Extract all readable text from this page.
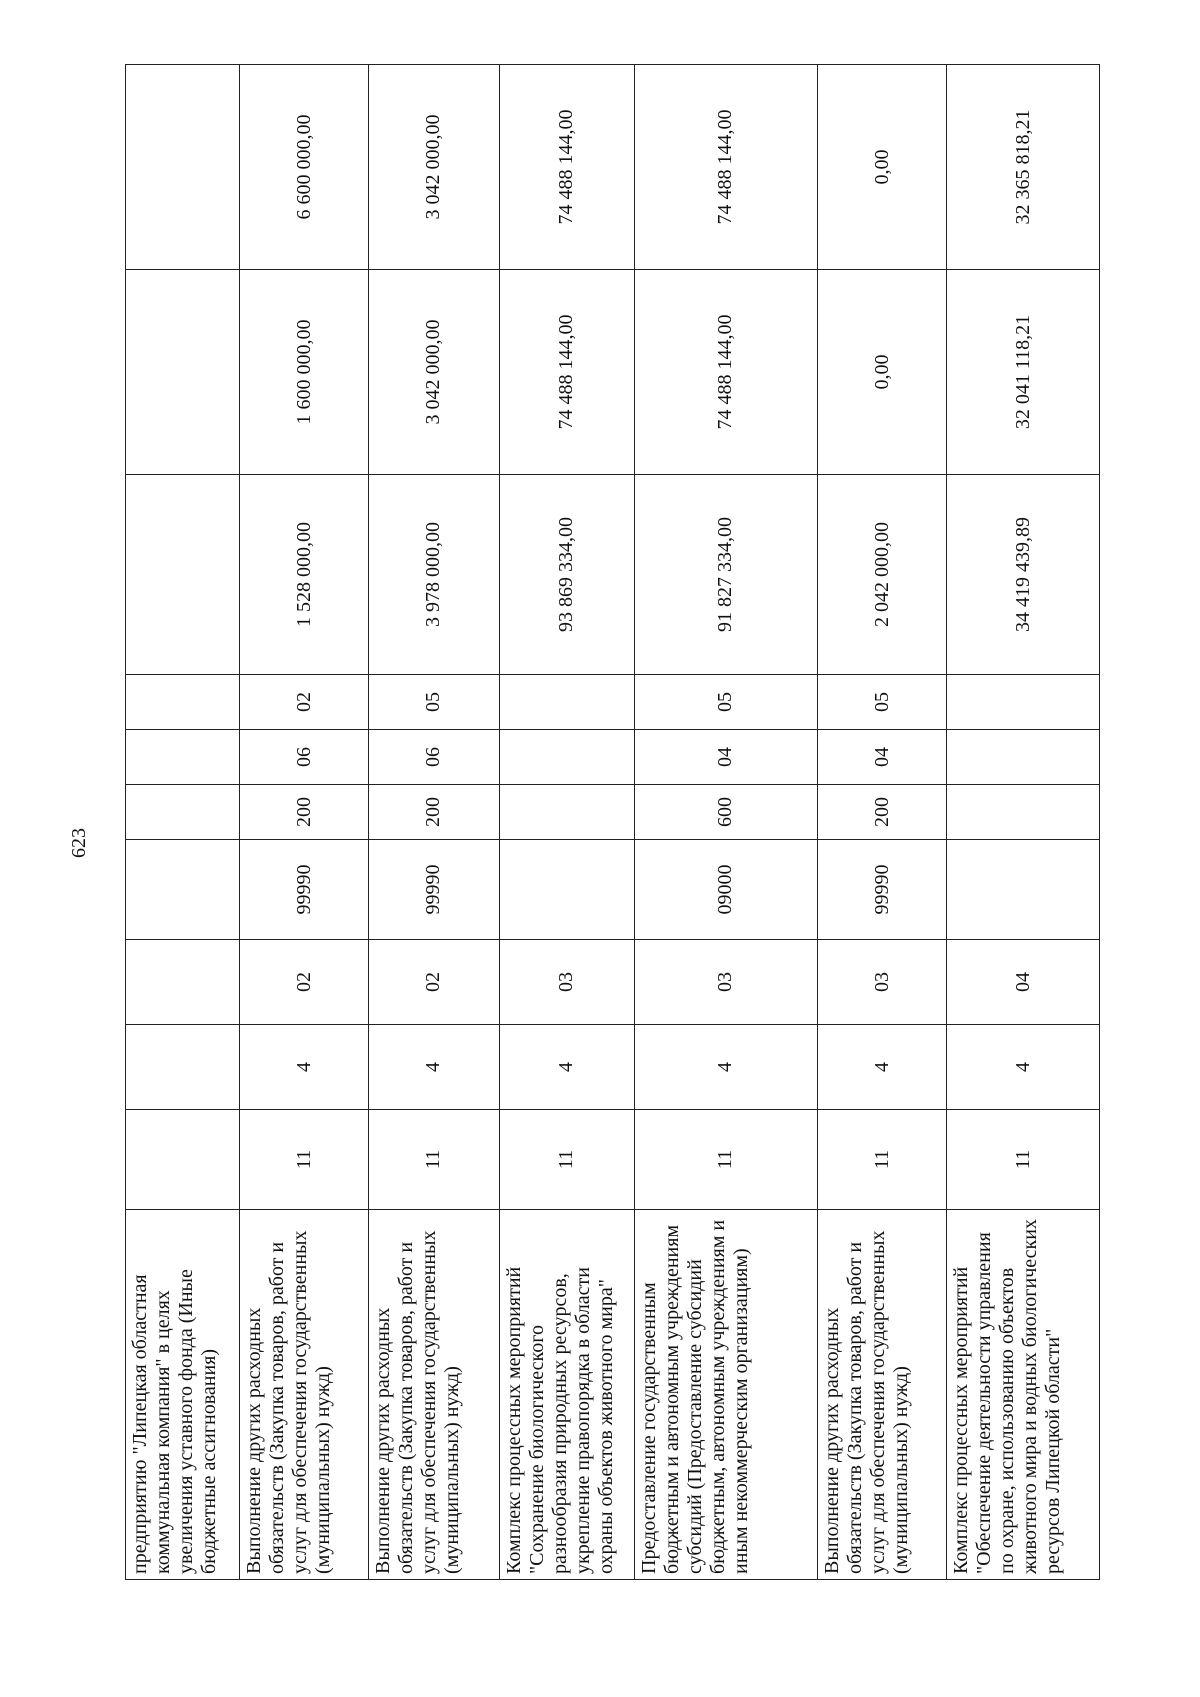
623
предприятию "Липецкая областная коммунальная компания" в целях увеличения уставного фонда (Иные бюджетные ассигнования)										
Выполнение других расходных обязательств (Закупка товаров, работ и услуг для обеспечения государственных (муниципальных) нужд)	11	4	02	99990	200	06	02	1 528 000,00	1 600 000,00	6 600 000,00
Выполнение других расходных обязательств (Закупка товаров, работ и услуг для обеспечения государственных (муниципальных) нужд)	11	4	02	99990	200	06	05	3 978 000,00	3 042 000,00	3 042 000,00
Комплекс процессных мероприятий "Сохранение биологического разнообразия природных ресурсов, укрепление правопорядка в области охраны объектов животного мира"	11	4	03					93 869 334,00	74 488 144,00	74 488 144,00
Предоставление государственным бюджетным и автономным учреждениям субсидий (Предоставление субсидий бюджетным, автономным учреждениям и иным некоммерческим организациям)	11	4	03	09000	600	04	05	91 827 334,00	74 488 144,00	74 488 144,00
Выполнение других расходных обязательств (Закупка товаров, работ и услуг для обеспечения государственных (муниципальных) нужд)	11	4	03	99990	200	04	05	2 042 000,00	0,00	0,00
Комплекс процессных мероприятий "Обеспечение деятельности управления по охране, использованию объектов животного мира и водных биологических ресурсов Липецкой области"	11	4	04					34 419 439,89	32 041 118,21	32 365 818,21
